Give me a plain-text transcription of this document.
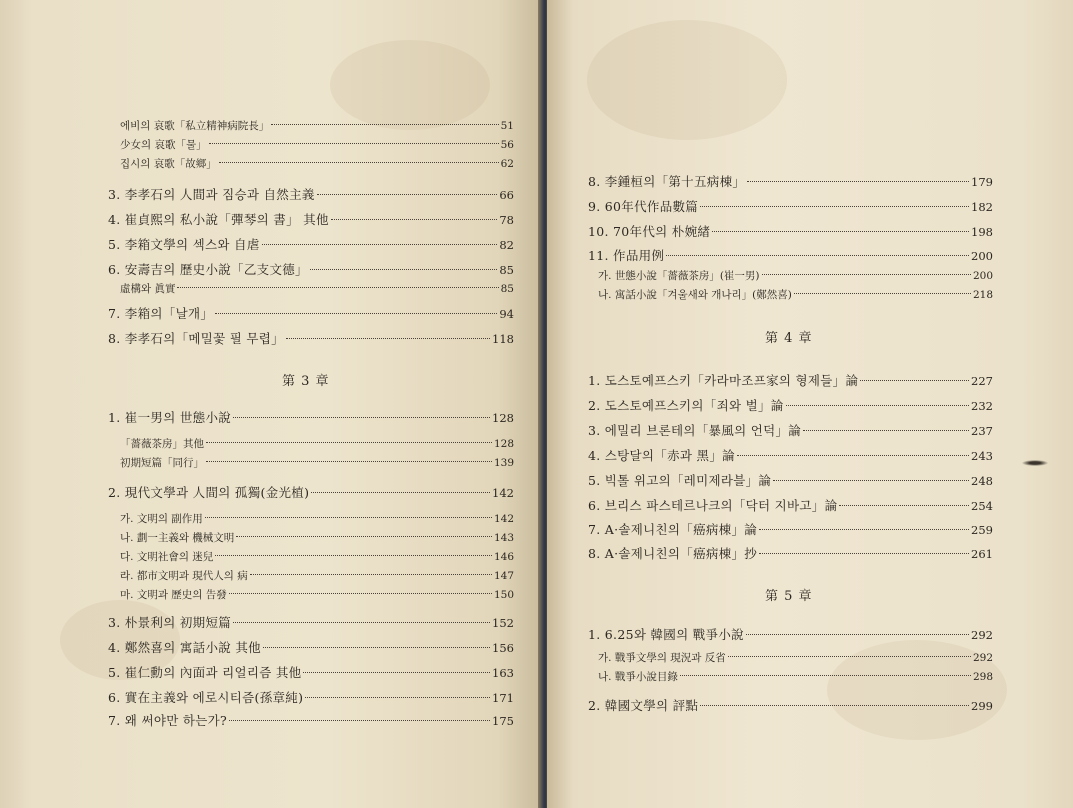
에비의 哀歌「私立精神病院長」	51
少女의 哀歌「물」	56
집시의 哀歌「故鄉」	62
3. 李孝石의 人間과 짐승과 自然主義	66
4. 崔貞熙의 私小說「彈琴의 書」 其他	78
5. 李箱文學의 섹스와 自虐	82
6. 安壽吉의 歷史小說「乙支文德」	85
虛構와 眞實	85
7. 李箱의「날개」	94
8. 李孝石의「메밀꽃 필 무렵」	118
第 3 章
1. 崔一男의 世態小說	128
「薔薇茶房」其他	128
初期短篇「同行」	139
2. 現代文學과 人間의 孤獨(金光植)	142
가. 文明의 副作用	142
나. 劃一主義와 機械文明	143
다. 文明社會의 迷兒	146
라. 都市文明과 現代人의 病	147
마. 文明과 歷史의 告發	150
3. 朴景利의 初期短篇	152
4. 鄭然喜의 寓話小說 其他	156
5. 崔仁勳의 內面과 리얼리즘 其他	163
6. 實在主義와 에로시티즘(孫章純)	171
7. 왜 써야만 하는가?	175
8. 李鍾桓의「第十五病棟」	179
9. 60年代作品數篇	182
10. 70年代의 朴婉緖	198
11. 作品用例	200
가. 世態小說「薔薇茶房」(崔一男)	200
나. 寓話小說「겨울새와 개나리」(鄭然喜)	218
第 4 章
1. 도스토예프스키「카라마조프家의 형제들」論	227
2. 도스토예프스키의「죄와 벌」論	232
3. 에밀리 브론테의「暴風의 언덕」論	237
4. 스탕달의「赤과 黑」論	243
5. 빅톨 위고의「레미제라블」論	248
6. 브리스 파스테르나크의「닥터 지바고」論	254
7. A·솔제니친의「癌病棟」論	259
8. A·솔제니친의「癌病棟」抄	261
第 5 章
1. 6.25와 韓國의 戰爭小說	292
가. 戰爭文學의 現況과 反省	292
나. 戰爭小說目錄	298
2. 韓國文學의 評點	299
